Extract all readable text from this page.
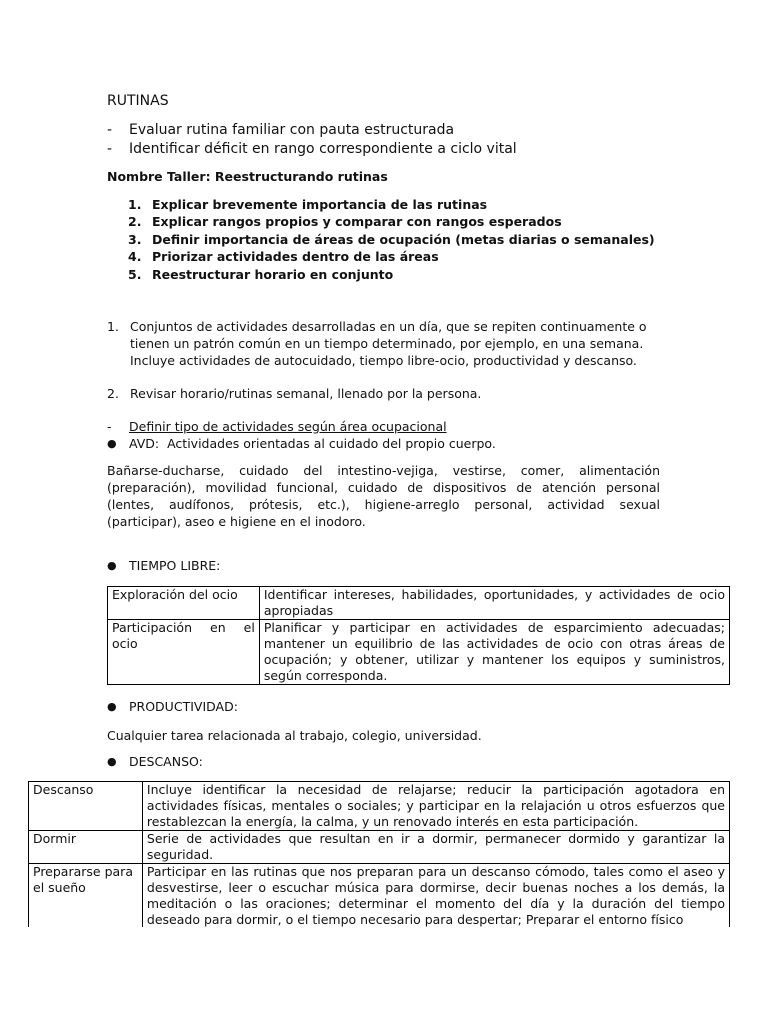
RUTINAS
- Evaluar rutina familiar con pauta estructurada
- Identificar déficit en rango correspondiente a ciclo vital
Nombre Taller: Reestructurando rutinas
1. Explicar brevemente importancia de las rutinas
2. Explicar rangos propios y comparar con rangos esperados
3. Definir importancia de áreas de ocupación (metas diarias o semanales)
4. Priorizar actividades dentro de las áreas
5. Reestructurar horario en conjunto
1. Conjuntos de actividades desarrolladas en un día, que se repiten continuamente o
tienen un patrón común en un tiempo determinado, por ejemplo, en una semana.
Incluye actividades de autocuidado, tiempo libre-ocio, productividad y descanso.
2. Revisar horario/rutinas semanal, llenado por la persona.
- Definir tipo de actividades según área ocupacional
● AVD: Actividades orientadas al cuidado del propio cuerpo.
Bañarse-ducharse, cuidado del intestino-vejiga, vestirse, comer, alimentación (preparación), movilidad funcional, cuidado de dispositivos de atención personal (lentes, audífonos, prótesis, etc.), higiene-arreglo personal, actividad sexual (participar), aseo e higiene en el inodoro.
● TIEMPO LIBRE:
Exploración del ocio	Identificar intereses, habilidades, oportunidades, y actividades de ocio apropiadas
Participación en el ocio	Planificar y participar en actividades de esparcimiento adecuadas; mantener un equilibrio de las actividades de ocio con otras áreas de ocupación; y obtener, utilizar y mantener los equipos y suministros, según corresponda.
● PRODUCTIVIDAD:
Cualquier tarea relacionada al trabajo, colegio, universidad.
● DESCANSO:
Descanso	Incluye identificar la necesidad de relajarse; reducir la participación agotadora en actividades físicas, mentales o sociales; y participar en la relajación u otros esfuerzos que restablezcan la energía, la calma, y un renovado interés en esta participación.
Dormir	Serie de actividades que resultan en ir a dormir, permanecer dormido y garantizar la seguridad.
Prepararse para el sueño	Participar en las rutinas que nos preparan para un descanso cómodo, tales como el aseo y desvestirse, leer o escuchar música para dormirse, decir buenas noches a los demás, la meditación o las oraciones; determinar el momento del día y la duración del tiempo deseado para dormir, o el tiempo necesario para despertar; Preparar el entorno físico
